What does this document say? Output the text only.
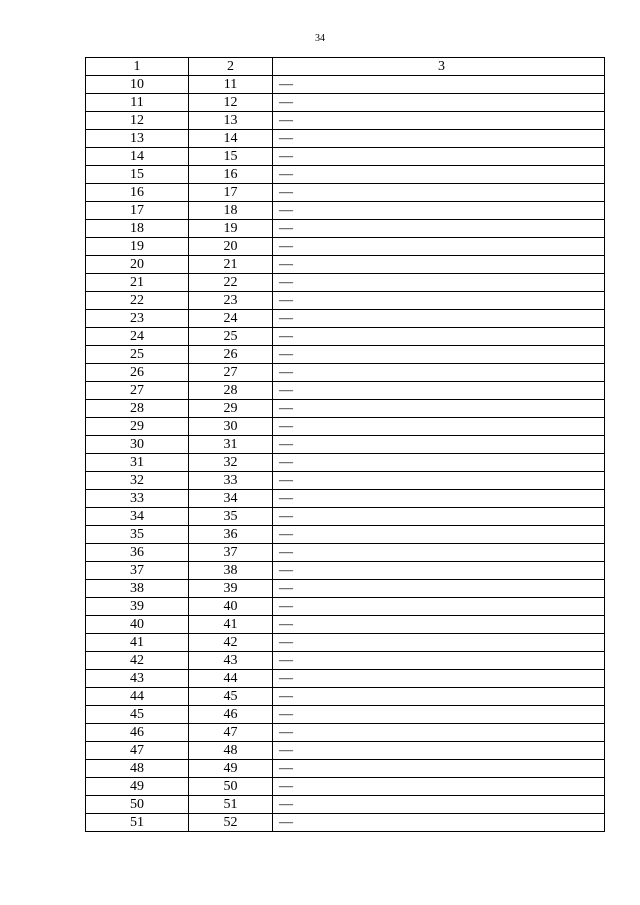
34
1	2	3
10	11	—
11	12	—
12	13	—
13	14	—
14	15	—
15	16	—
16	17	—
17	18	—
18	19	—
19	20	—
20	21	—
21	22	—
22	23	—
23	24	—
24	25	—
25	26	—
26	27	—
27	28	—
28	29	—
29	30	—
30	31	—
31	32	—
32	33	—
33	34	—
34	35	—
35	36	—
36	37	—
37	38	—
38	39	—
39	40	—
40	41	—
41	42	—
42	43	—
43	44	—
44	45	—
45	46	—
46	47	—
47	48	—
48	49	—
49	50	—
50	51	—
51	52	—
